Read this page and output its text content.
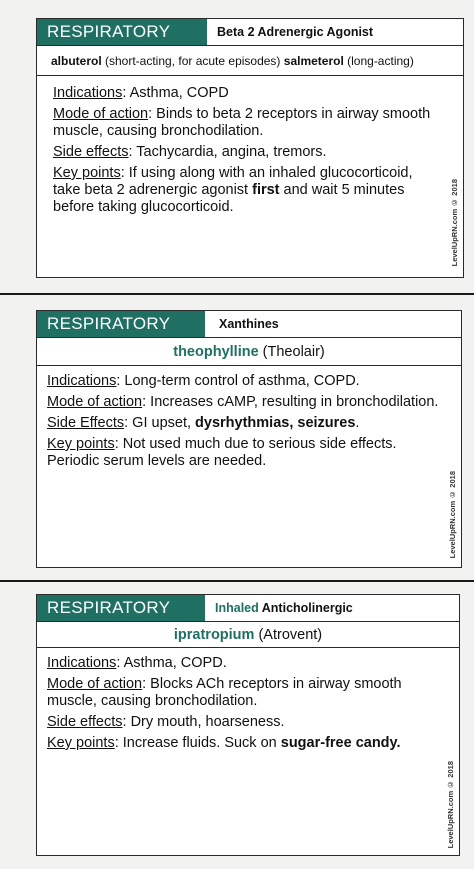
RESPIRATORY	Beta 2 Adrenergic Agonist
albuterol (short-acting, for acute episodes) salmeterol (long-acting)

Indications: Asthma, COPD

Mode of action: Binds to beta 2 receptors in airway smooth muscle, causing bronchodilation.

Side effects: Tachycardia, angina, tremors.

Key points: If using along with an inhaled glucocorticoid, take beta 2 adrenergic agonist first and wait 5 minutes before taking glucocorticoid.	LevelUpRN.com © 2018
RESPIRATORY	Xanthines
theophylline (Theolair)

Indications: Long-term control of asthma, COPD.

Mode of action: Increases cAMP, resulting in bronchodilation.

Side Effects: GI upset, dysrhythmias, seizures.

Key points: Not used much due to serious side effects. Periodic serum levels are needed.

LevelUpRN.com © 2018
RESPIRATORY	Inhaled Anticholinergic
ipratropium (Atrovent)

Indications: Asthma, COPD.

Mode of action: Blocks ACh receptors in airway smooth muscle, causing bronchodilation.

Side effects: Dry mouth, hoarseness.

Key points: Increase fluids. Suck on sugar-free candy.

LevelUpRN.com © 2018
